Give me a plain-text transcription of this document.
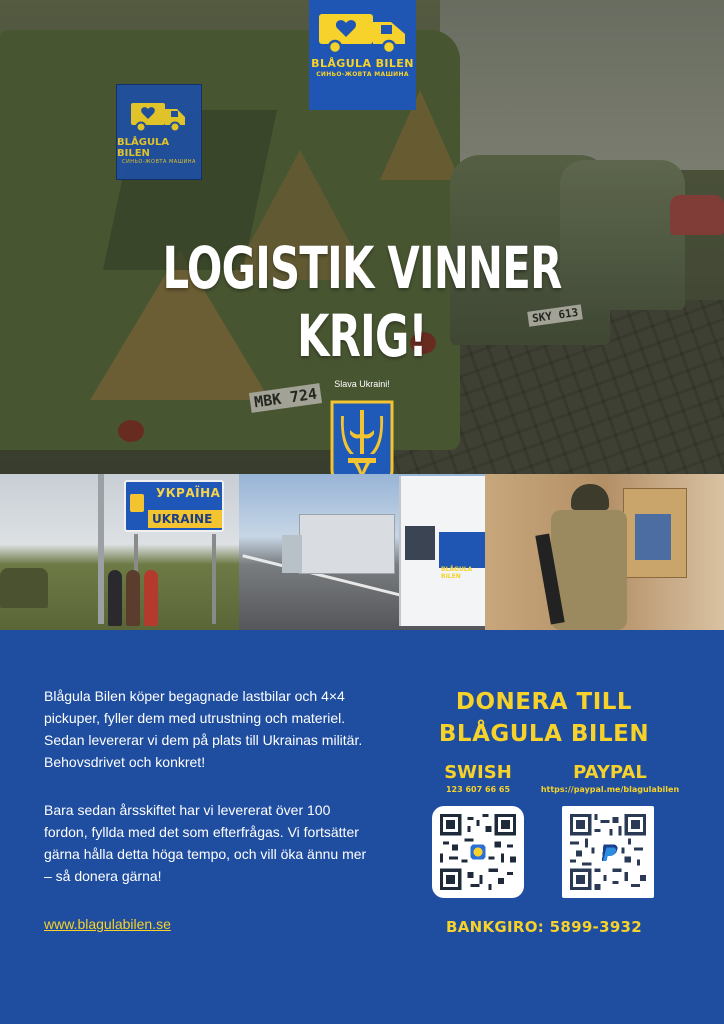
MBK 724
SKY 613
BLÅGULA BILEN
СИНЬО-ЖОВТА МАШИНА
BLÅGULA BILEN
СИНЬО-ЖОВТА МАШИНА
LOGISTIK VINNER KRIG!
Slava Ukraini!
УКРАЇНА
UKRAINE
BLÅGULA BILEN

Blågula Bilen köper begagnade lastbilar och 4×4 pickuper, fyller dem med utrustning och materiel. Sedan levererar vi dem på plats till Ukrainas militär. Behovsdrivet och konkret!

Bara sedan årsskiftet har vi levererat över 100 fordon, fyllda med det som efterfrågas. Vi fortsätter gärna hålla detta höga tempo, och vill öka ännu mer – så donera gärna!

www.blagulabilen.se
DONERA TILL
BLÅGULA BILEN
SWISH
123 607 66 65
PAYPAL
https://paypal.me/blagulabilen
BANKGIRO: 5899-3932
